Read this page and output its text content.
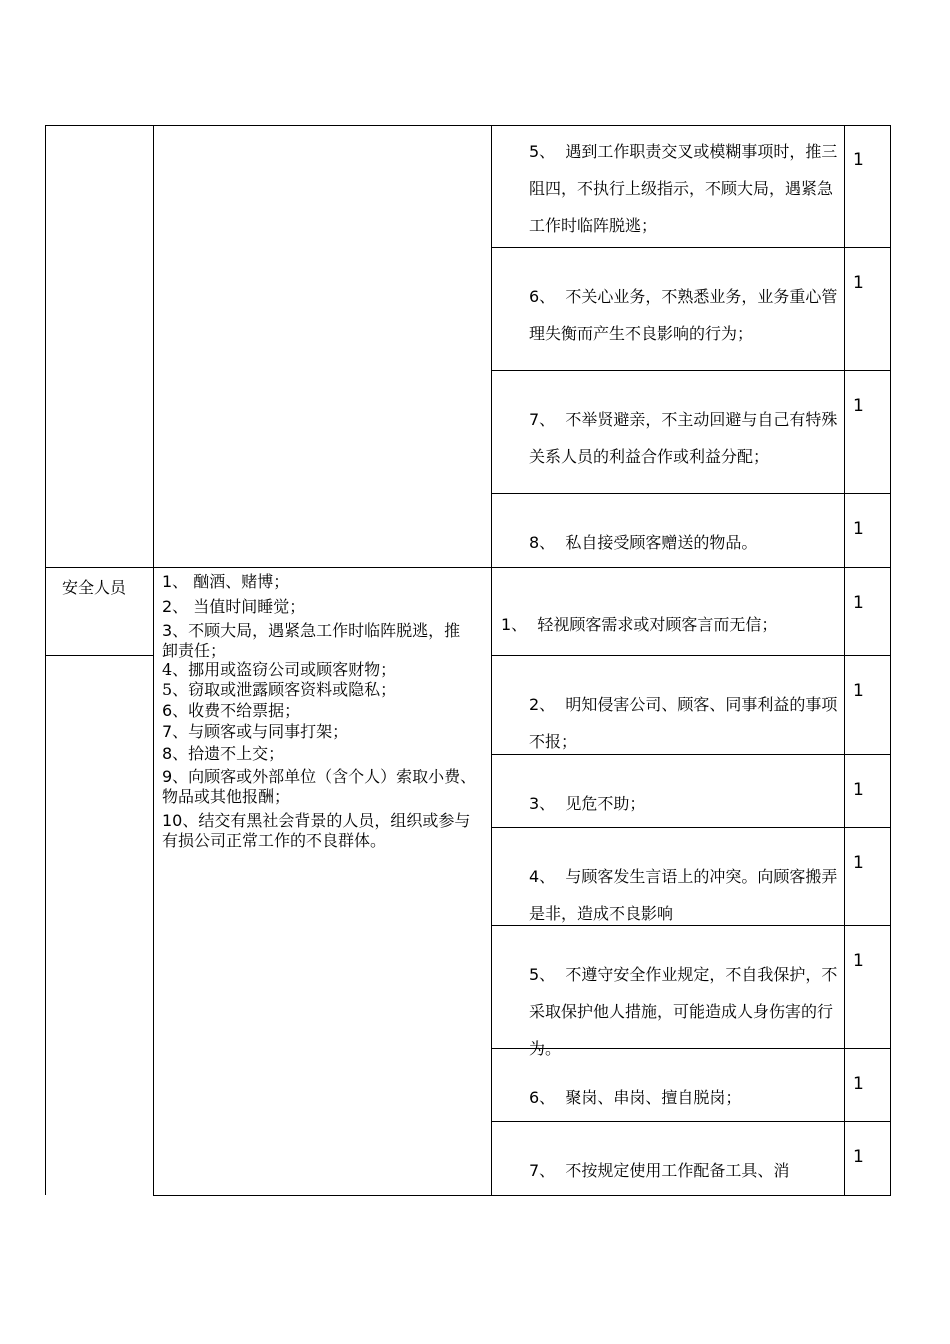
5、 遇到工作职责交叉或模糊事项时，推三阻四，不执行上级指示，不顾大局，遇紧急工作时临阵脱逃；
1
6、 不关心业务，不熟悉业务，业务重心管理失衡而产生不良影响的行为；
1
7、 不举贤避亲，不主动回避与自己有特殊关系人员的利益合作或利益分配；
1
8、 私自接受顾客赠送的物品。
1
安全人员 1、 酗酒、赌博；
2、 当值时间睡觉；
3、不顾大局，遇紧急工作时临阵脱逃，推卸责任；
4、挪用或盗窃公司或顾客财物；
5、窃取或泄露顾客资料或隐私；
6、收费不给票据；
7、与顾客或与同事打架；
8、拾遗不上交；
9、向顾客或外部单位（含个人）索取小费、物品或其他报酬；
10、结交有黑社会背景的人员，组织或参与有损公司正常工作的不良群体。
1、 轻视顾客需求或对顾客言而无信；
1
2、 明知侵害公司、顾客、同事利益的事项不报；
1
3、 见危不助；
1
4、 与顾客发生言语上的冲突。向顾客搬弄是非，造成不良影响
1
5、 不遵守安全作业规定，不自我保护，不采取保护他人措施，可能造成人身伤害的行为。
1
6、 聚岗、串岗、擅自脱岗；
1
7、 不按规定使用工作配备工具、消
1
